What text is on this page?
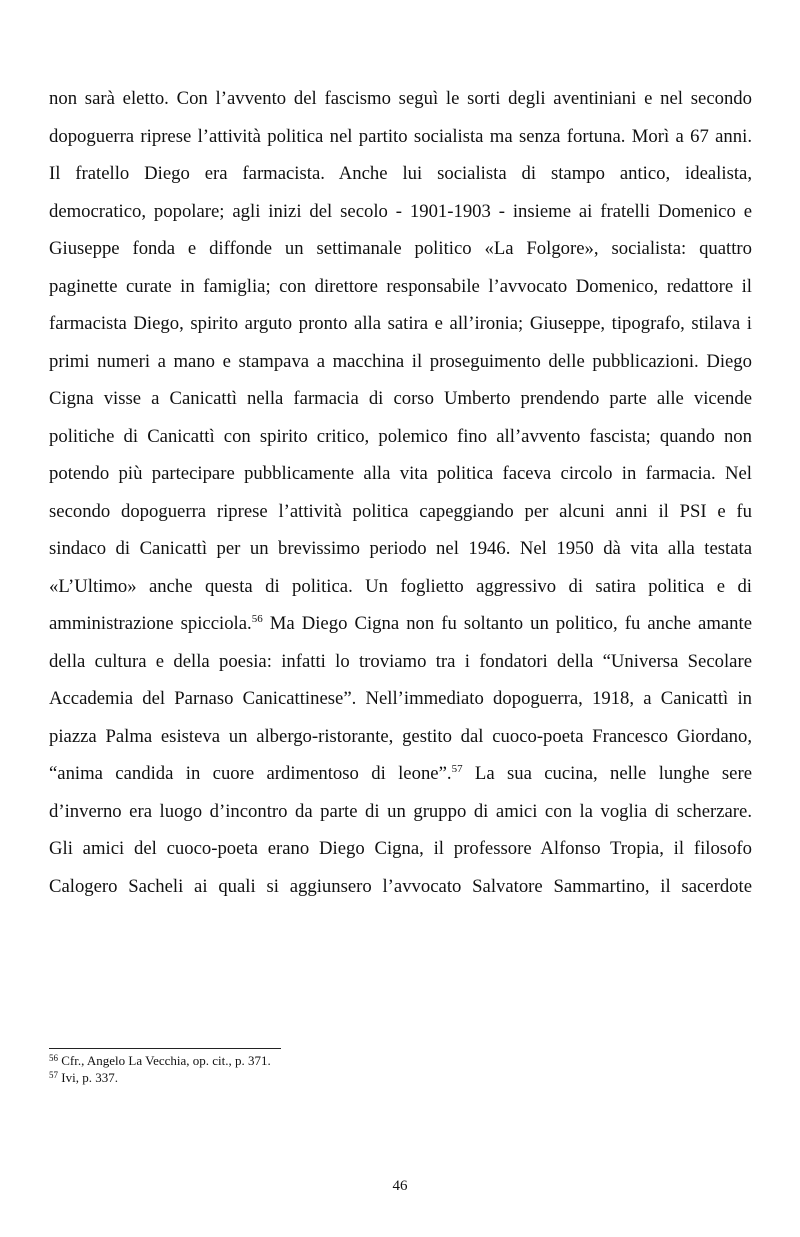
non sarà eletto. Con l’avvento del fascismo seguì le sorti degli aventiniani e nel secondo
dopoguerra riprese l’attività politica nel partito socialista ma senza fortuna. Morì a 67 anni.
Il fratello Diego era farmacista. Anche lui socialista di stampo antico, idealista,
democratico, popolare; agli inizi del secolo - 1901-1903 - insieme ai fratelli Domenico e
Giuseppe fonda e diffonde un settimanale politico «La Folgore», socialista: quattro
paginette curate in famiglia; con direttore responsabile l’avvocato Domenico, redattore il
farmacista Diego, spirito arguto pronto alla satira e all’ironia; Giuseppe, tipografo, stilava i
primi numeri a mano e stampava a macchina il proseguimento delle pubblicazioni. Diego
Cigna visse a Canicattì nella farmacia di corso Umberto prendendo parte alle vicende
politiche di Canicattì con spirito critico, polemico fino all’avvento fascista; quando non
potendo più partecipare pubblicamente alla vita politica faceva circolo in farmacia. Nel
secondo dopoguerra riprese l’attività politica capeggiando per alcuni anni il PSI e fu
sindaco di Canicattì per un brevissimo periodo nel 1946. Nel 1950 dà vita alla testata
«L’Ultimo» anche questa di politica. Un foglietto aggressivo di satira politica e di
amministrazione spicciola.$^{56}$ Ma Diego Cigna non fu soltanto un politico, fu anche amante
della cultura e della poesia: infatti lo troviamo tra i fondatori della “Universa Secolare
Accademia del Parnaso Canicattinese”. Nell’immediato dopoguerra, 1918, a Canicattì in
piazza Palma esisteva un albergo-ristorante, gestito dal cuoco-poeta Francesco Giordano,
“anima candida in cuore ardimentoso di leone”.$^{57}$ La sua cucina, nelle lunghe sere
d’inverno era luogo d’incontro da parte di un gruppo di amici con la voglia di scherzare.
Gli amici del cuoco-poeta erano Diego Cigna, il professore Alfonso Tropia, il filosofo
Calogero Sacheli ai quali si aggiunsero l’avvocato Salvatore Sammartino, il sacerdote
$^{56}$ Cfr., Angelo La Vecchia, op. cit., p. 371.
$^{57}$ Ivi, p. 337.
46
